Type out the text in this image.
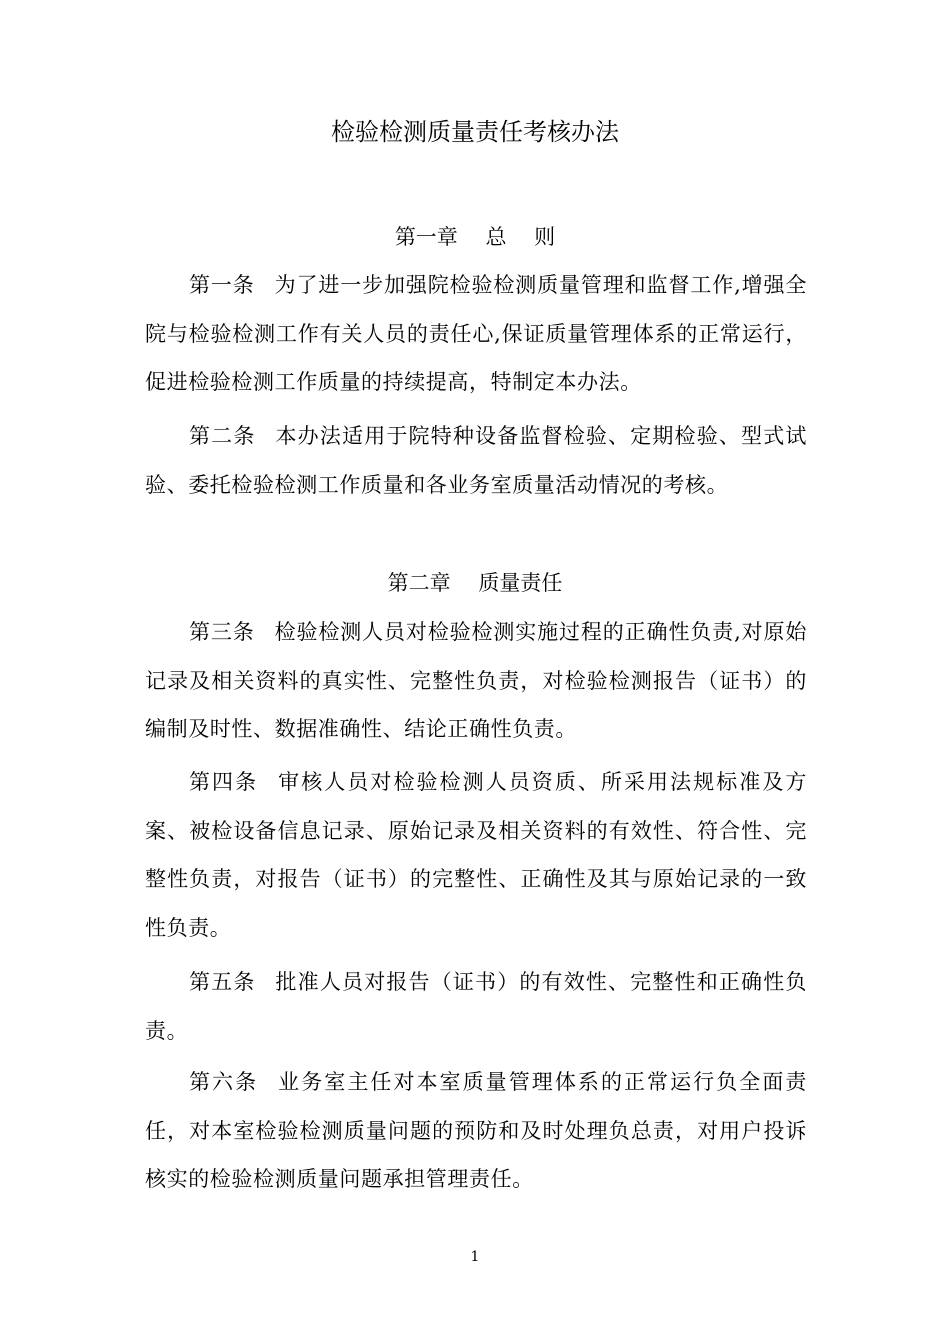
检验检测质量责任考核办法
第一章　 总　 则

第一条 为了进一步加强院检验检测质量管理和监督工作,增强全院与检验检测工作有关人员的责任心,保证质量管理体系的正常运行，促进检验检测工作质量的持续提高，特制定本办法。

第二条 本办法适用于院特种设备监督检验、定期检验、型式试验、委托检验检测工作质量和各业务室质量活动情况的考核。

第二章　 质量责任

第三条 检验检测人员对检验检测实施过程的正确性负责,对原始记录及相关资料的真实性、完整性负责，对检验检测报告（证书）的编制及时性、数据准确性、结论正确性负责。

第四条 审核人员对检验检测人员资质、所采用法规标准及方案、被检设备信息记录、原始记录及相关资料的有效性、符合性、完整性负责，对报告（证书）的完整性、正确性及其与原始记录的一致性负责。

第五条 批准人员对报告（证书）的有效性、完整性和正确性负责。

第六条 业务室主任对本室质量管理体系的正常运行负全面责任，对本室检验检测质量问题的预防和及时处理负总责，对用户投诉核实的检验检测质量问题承担管理责任。

1
